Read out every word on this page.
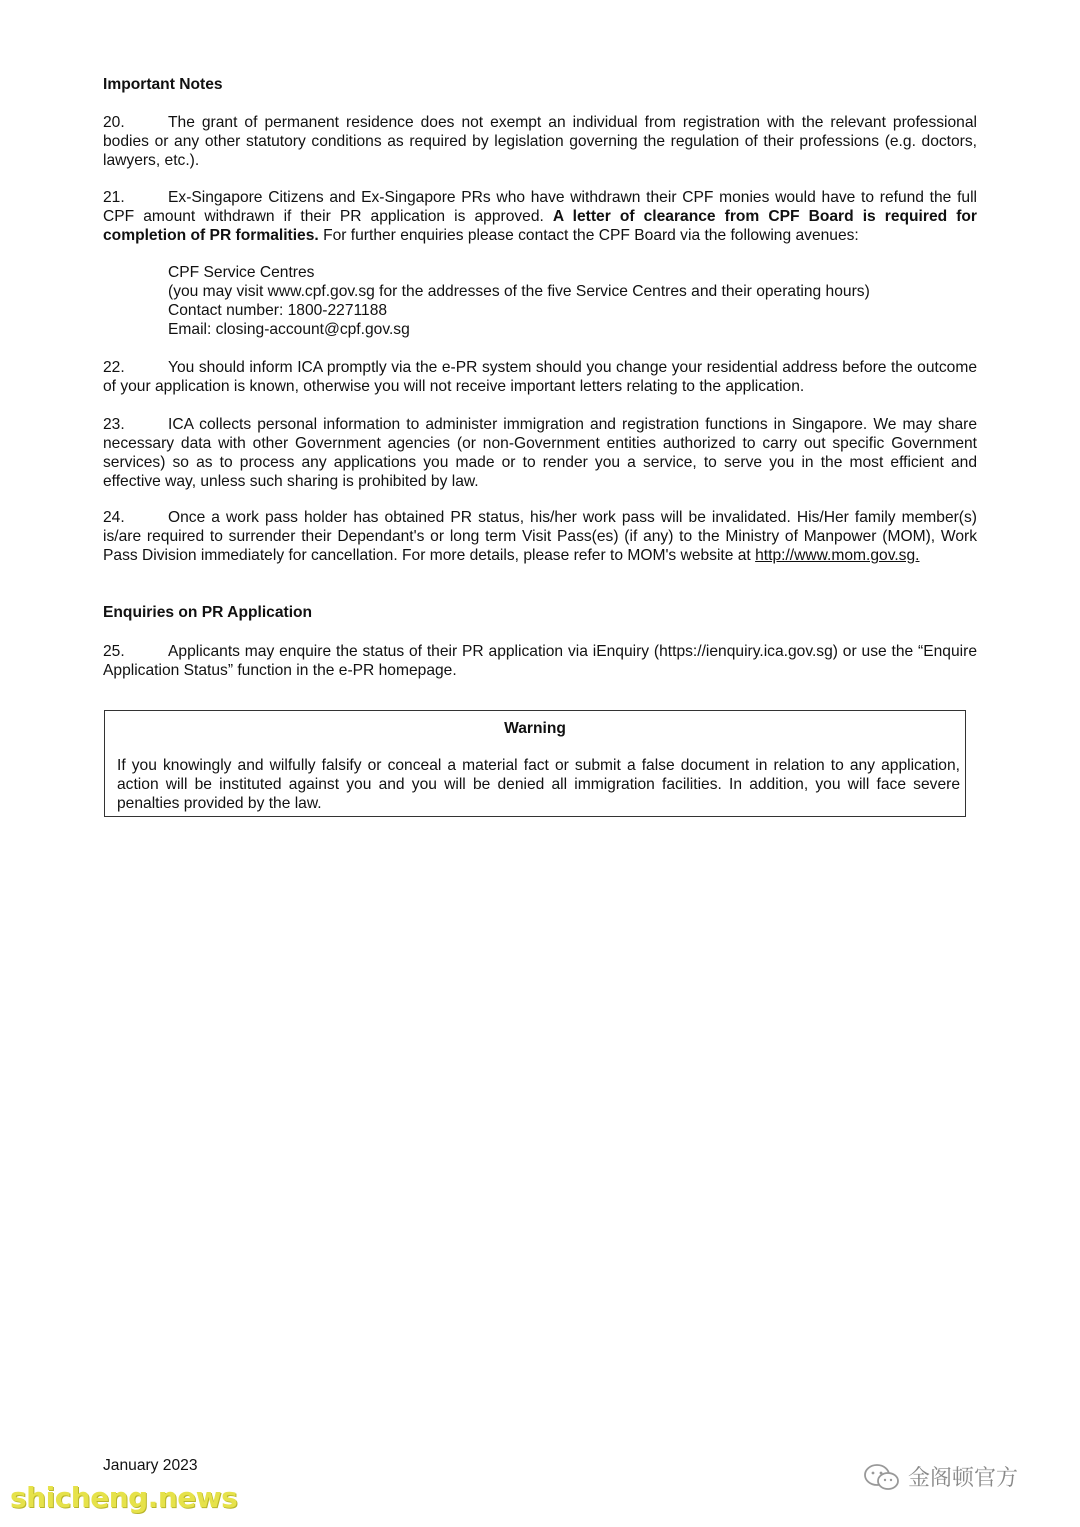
Important Notes
20.	The grant of permanent residence does not exempt an individual from registration with the relevant professional bodies or any other statutory conditions as required by legislation governing the regulation of their professions (e.g. doctors, lawyers, etc.).
21.	Ex-Singapore Citizens and Ex-Singapore PRs who have withdrawn their CPF monies would have to refund the full CPF amount withdrawn if their PR application is approved. A letter of clearance from CPF Board is required for completion of PR formalities. For further enquiries please contact the CPF Board via the following avenues:
CPF Service Centres
(you may visit www.cpf.gov.sg for the addresses of the five Service Centres and their operating hours)
Contact number: 1800-2271188
Email: closing-account@cpf.gov.sg
22.	You should inform ICA promptly via the e-PR system should you change your residential address before the outcome of your application is known, otherwise you will not receive important letters relating to the application.
23.	ICA collects personal information to administer immigration and registration functions in Singapore. We may share necessary data with other Government agencies (or non-Government entities authorized to carry out specific Government services) so as to process any applications you made or to render you a service, to serve you in the most efficient and effective way, unless such sharing is prohibited by law.
24.	Once a work pass holder has obtained PR status, his/her work pass will be invalidated. His/Her family member(s) is/are required to surrender their Dependant's or long term Visit Pass(es) (if any) to the Ministry of Manpower (MOM), Work Pass Division immediately for cancellation. For more details, please refer to MOM's website at http://www.mom.gov.sg.
Enquiries on PR Application
25.	Applicants may enquire the status of their PR application via iEnquiry (https://ienquiry.ica.gov.sg) or use the “Enquire Application Status” function in the e-PR homepage.
Warning
If you knowingly and wilfully falsify or conceal a material fact or submit a false document in relation to any application, action will be instituted against you and you will be denied all immigration facilities. In addition, you will face severe penalties provided by the law.
January 2023
shicheng.news
金阁顿官方
